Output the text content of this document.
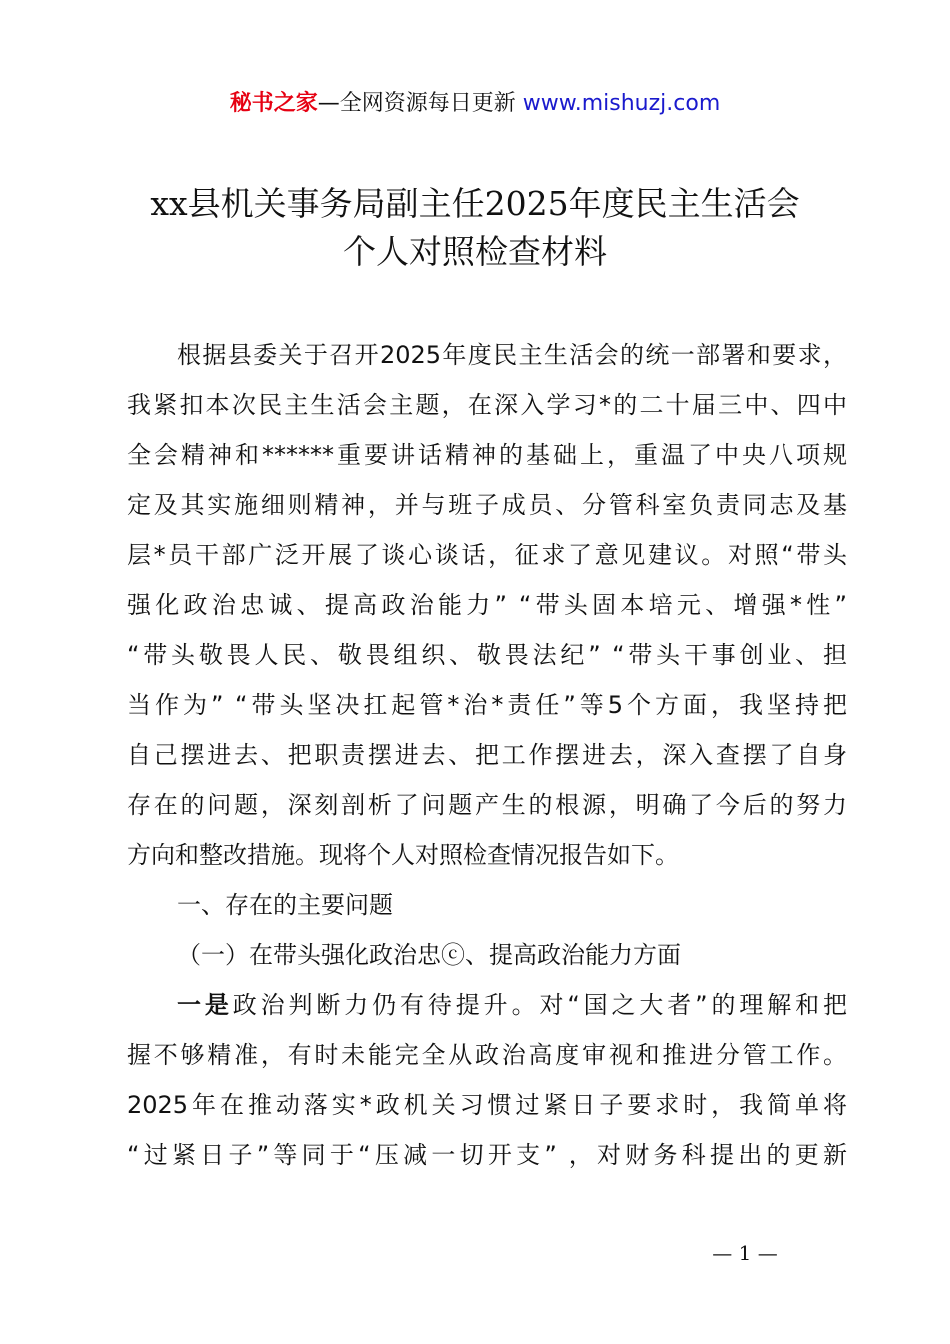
秘书之家—全网资源每日更新 www.mishuzj.com
xx县机关事务局副主任2025年度民主生活会
个人对照检查材料
根据县委关于召开2025年度民主生活会的统一部署和要求，
我紧扣本次民主生活会主题，在深入学习*的二十届三中、四中
全会精神和******重要讲话精神的基础上，重温了中央八项规
定及其实施细则精神，并与班子成员、分管科室负责同志及基
层*员干部广泛开展了谈心谈话，征求了意见建议。对照“带头
强化政治忠诚、提高政治能力” “带头固本培元、增强*性”
“带头敬畏人民、敬畏组织、敬畏法纪” “带头干事创业、担
当作为” “带头坚决扛起管*治*责任”等5个方面，我坚持把
自己摆进去、把职责摆进去、把工作摆进去，深入查摆了自身
存在的问题，深刻剖析了问题产生的根源，明确了今后的努力
方向和整改措施。现将个人对照检查情况报告如下。
一、存在的主要问题
（一）在带头强化政治忠ⓒ、提高政治能力方面
一是政治判断力仍有待提升。对“国之大者”的理解和把
握不够精准，有时未能完全从政治高度审视和推进分管工作。
2025年在推动落实*政机关习惯过紧日子要求时，我简单将
“过紧日子”等同于“压减一切开支” ，对财务科提出的更新
— 1 —
